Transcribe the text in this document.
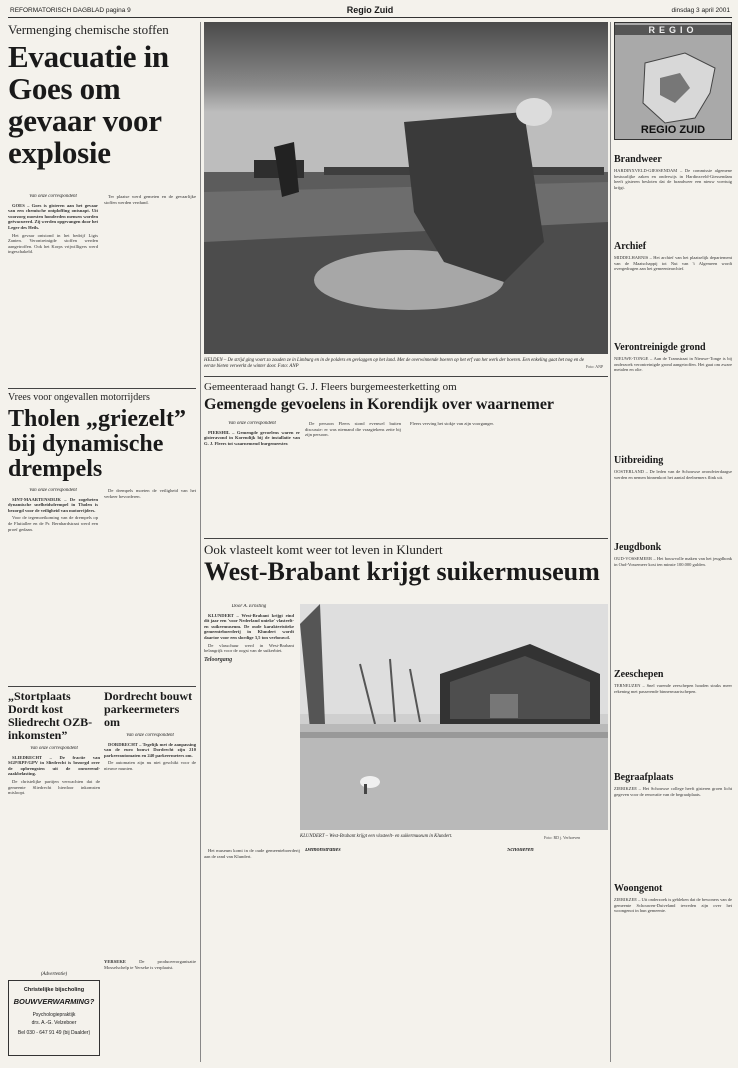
REFORMATORISCH DAGBLAD pagina 9	Regio Zuid	dinsdag 3 april 2001
Vermenging chemische stoffen
Evacuatie in Goes om gevaar voor explosie
Van onze correspondent

GOES – Goes is gisteren aan het gevaar van een chemische ontploffing ontsnapt. Uit voorzorg moesten honderden mensen worden geëvacueerd. Zij werden opgevangen door het Leger des Heils.

Het gevaar ontstond in het bedrijf Ligts Zanten. Verontreinigde stoffen werden aangetroffen. Ook het Korps vrijwilligers werd ingeschakeld.

Ter plaatse werd gemeten en de gevaarlijke stoffen werden verdund.

HELDEN – De strijd ging voort zo zouden ze in Limburg en in de polders en gevlaggen op het land. Met de overwinnende boeren op het erf van het werk der boeren. Een enkeling gaat het nog en de eerste bieten verwerkt de winter door. Foto: ANP	Foto: ANP
REGIO
REGIO ZUID
Brandweer
HARDINXVELD-GIESSENDAM – De commissie algemene bestuurlijke zaken en onderwijs in Hardinxveld-Giessendam heeft gisteren besloten dat de brandweer een nieuw voertuig krijgt.
Archief
MIDDELHARNIS – Het archief van het plaatselijk departement van de Maatschappij tot Nut van 't Algemeen wordt overgedragen aan het gemeentearchief.
Verontreinigde grond
NIEUWE-TONGE – Aan de Tramstraat in Nieuwe-Tonge is bij onderzoek verontreinigde grond aangetroffen. Het gaat om zware metalen en olie.
Uitbreiding
OOSTERLAND – De leden van de Schouwse avondvierdaagse werden en nemen binnenkort het aantal deelnemers flink uit.
Jeugdbonk
OUD-VOSSEMEER – Het bouwvolle maken van het jeugdhonk in Oud-Vossemeer kost ten minste 100.000 gulden.
Zeeschepen
TERNEUZEN – Snel varende zeeschepen houden straks meer rekening met passerende binnenvaartschepen.
Begraafplaats
ZIERIKZEE – Het Schouwse college heeft gisteren groen licht gegeven voor de renovatie van de begraafplaats.
Woongenot
ZIERIKZEE – Uit onderzoek is gebleken dat de bewoners van de gemeente Schouwen-Duiveland tevreden zijn over het woongenot in hun gemeente.
Vrees voor ongevallen motorrijders
Tholen „griezelt” bij dynamische drempels
Van onze correspondent

SINT-MAARTENSDIJK – De zogeheten dynamische snelheidsdrempel in Tholen is bezorgd voor de veiligheid van motorrijders.

Voor de tegemoetkoming van de drempels op de Fluitallee en de Pr. Bernhardstraat werd een proef gedaan.

De drempels moeten de veiligheid van het verkeer bevorderen.

Gemeenteraad hangt G. J. Fleers burgemeesterketting om
Gemengde gevoelens in Korendijk over waarnemer
Van onze correspondent

PIERSHIL – Gemengde gevoelens waren er gisteravond in Korendijk bij de installatie van G. J. Fleers tot waarnemend burgemeester.

De persoon Fleers stond evenwel buiten discussie: er was niemand die vraagtekens zette bij zijn persoon.

Fleers verving het stokje van zijn voorganger.

Ook vlasteelt komt weer tot leven in Klundert
West-Brabant krijgt suikermuseum
Door A. Ernsting

KLUNDERT – West-Brabant krijgt eind dit jaar een 'voor Nederland unieke' vlasteelt- en suikermuseum. De oude karakteristieke gemeenteboerderij in Klundert wordt daartoe voor een slordige 3,5 ton verbouwd.

De vlasschuur werd in West-Brabant belangrijk voor de oogst van de suikerbiet.

Teloorgang
KLUNDERT – West-Brabant krijgt een vlasteelt- en suikermuseum in Klundert.	Foto: RD j. Verhoeven

Het museum komt in de oude gemeenteboerderij aan de rand van Klundert.

Demonstraties	Scholieren
„Stortplaats Dordt kost Sliedrecht OZB-inkomsten”
Van onze correspondent

SLIEDRECHT – De fractie van SGP/RPF/GPV in Sliedrecht is bezorgd over de opbrengsten uit de onroerend-zaakbelasting.

De christelijke partijen verwachten dat de gemeente Sliedrecht hierdoor inkomsten misloopt.

Dordrecht bouwt parkeermeters om
Van onze correspondent

DORDRECHT – Tegelijk met de aanpassing van de euro bouwt Dordrecht zijn 210 parkeerautomaten en 240 parkeermeters om.

De automaten zijn nu niet geschikt voor de nieuwe munten.

YERSEKE	De produceerorganisatie Mosselschelp te Yerseke is verplaatst.
(Advertentie)
Christelijke bijscholing
BOUWVERWARMING?
Psychologiepraktijk
drs. A.-G. Velzeboer
Bel 030 - 647 91 49 (bij Daalder)
